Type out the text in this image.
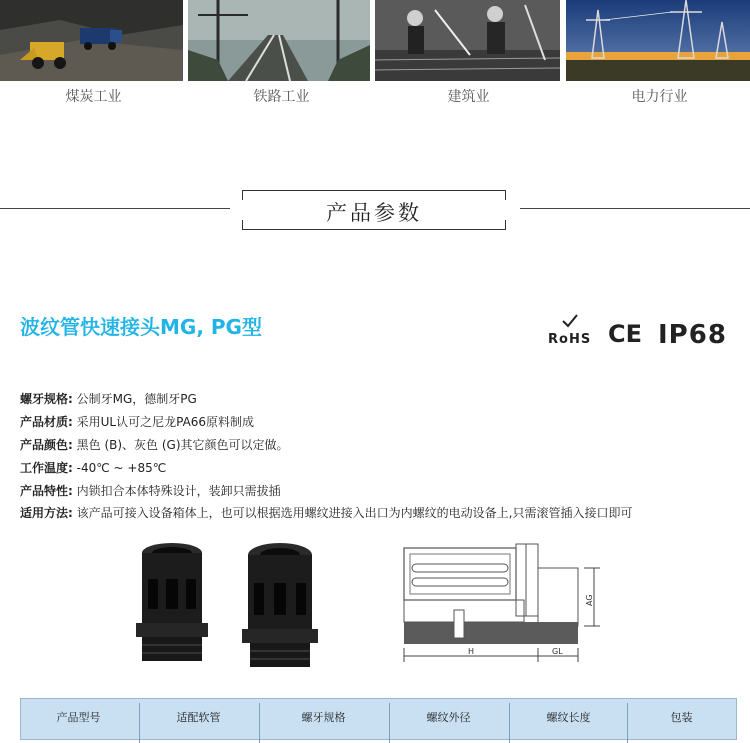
煤炭工业	铁路工业	建筑业	电力行业
产品参数
波纹管快速接头MG, PG型
RoHS CE IP68
螺牙规格: 公制牙MG，德制牙PG
产品材质: 采用UL认可之尼龙PA66原料制成
产品颜色: 黑色 (B)、灰色 (G)其它颜色可以定做。
工作温度: -40℃ ~ +85℃
产品特性: 内锁扣合本体特殊设计，装卸只需拔插
适用方法: 该产品可接入设备箱体上，也可以根据选用螺纹进接入出口为内螺纹的电动设备上,只需滚管插入接口即可
H	GL
AG
产品型号	适配软管	螺牙规格	螺纹外径	螺纹长度	包装
